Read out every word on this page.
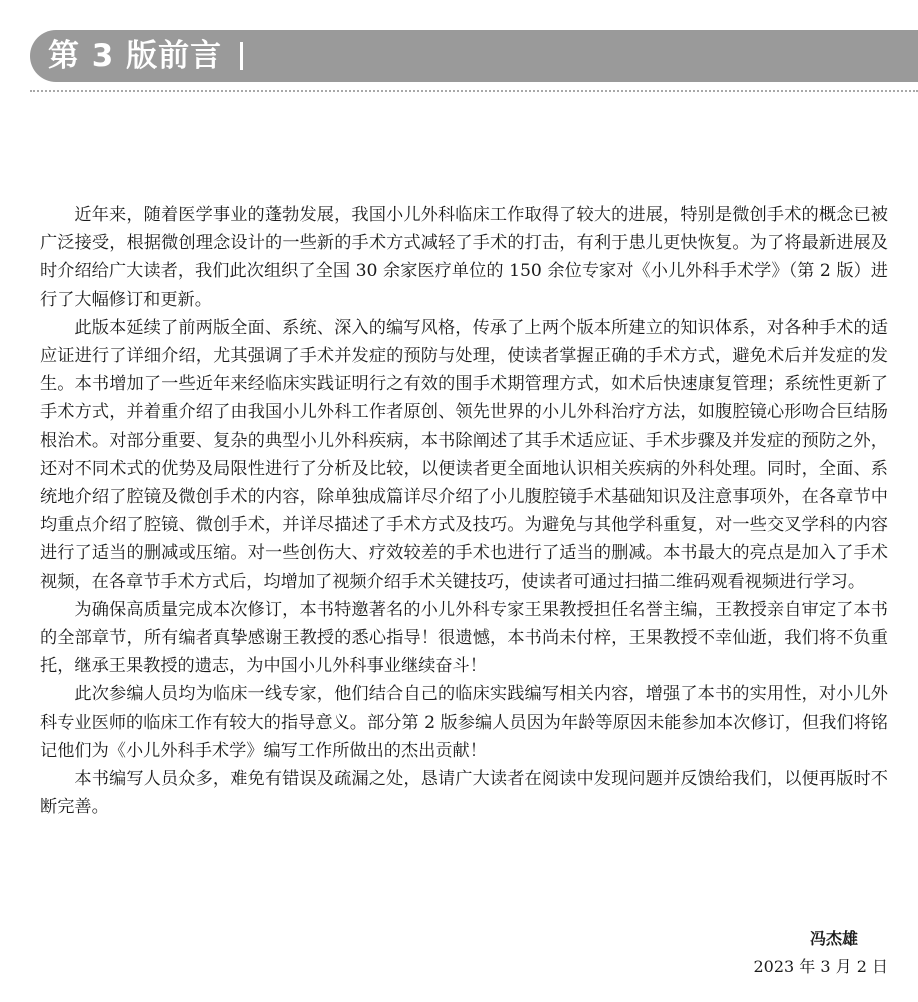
第 3 版前言

近年来，随着医学事业的蓬勃发展，我国小儿外科临床工作取得了较大的进展，特别是微创手术的概念已被广泛接受，根据微创理念设计的一些新的手术方式减轻了手术的打击，有利于患儿更快恢复。为了将最新进展及时介绍给广大读者，我们此次组织了全国 30 余家医疗单位的 150 余位专家对《小儿外科手术学》（第 2 版）进行了大幅修订和更新。

此版本延续了前两版全面、系统、深入的编写风格，传承了上两个版本所建立的知识体系，对各种手术的适应证进行了详细介绍，尤其强调了手术并发症的预防与处理，使读者掌握正确的手术方式，避免术后并发症的发生。本书增加了一些近年来经临床实践证明行之有效的围手术期管理方式，如术后快速康复管理；系统性更新了手术方式，并着重介绍了由我国小儿外科工作者原创、领先世界的小儿外科治疗方法，如腹腔镜心形吻合巨结肠根治术。对部分重要、复杂的典型小儿外科疾病，本书除阐述了其手术适应证、手术步骤及并发症的预防之外，还对不同术式的优势及局限性进行了分析及比较，以便读者更全面地认识相关疾病的外科处理。同时，全面、系统地介绍了腔镜及微创手术的内容，除单独成篇详尽介绍了小儿腹腔镜手术基础知识及注意事项外，在各章节中均重点介绍了腔镜、微创手术，并详尽描述了手术方式及技巧。为避免与其他学科重复，对一些交叉学科的内容进行了适当的删减或压缩。对一些创伤大、疗效较差的手术也进行了适当的删减。本书最大的亮点是加入了手术视频，在各章节手术方式后，均增加了视频介绍手术关键技巧，使读者可通过扫描二维码观看视频进行学习。

为确保高质量完成本次修订，本书特邀著名的小儿外科专家王果教授担任名誉主编，王教授亲自审定了本书的全部章节，所有编者真挚感谢王教授的悉心指导！很遗憾，本书尚未付梓，王果教授不幸仙逝，我们将不负重托，继承王果教授的遗志，为中国小儿外科事业继续奋斗！

此次参编人员均为临床一线专家，他们结合自己的临床实践编写相关内容，增强了本书的实用性，对小儿外科专业医师的临床工作有较大的指导意义。部分第 2 版参编人员因为年龄等原因未能参加本次修订，但我们将铭记他们为《小儿外科手术学》编写工作所做出的杰出贡献！

本书编写人员众多，难免有错误及疏漏之处，恳请广大读者在阅读中发现问题并反馈给我们，以便再版时不断完善。

冯杰雄
2023 年 3 月 2 日
